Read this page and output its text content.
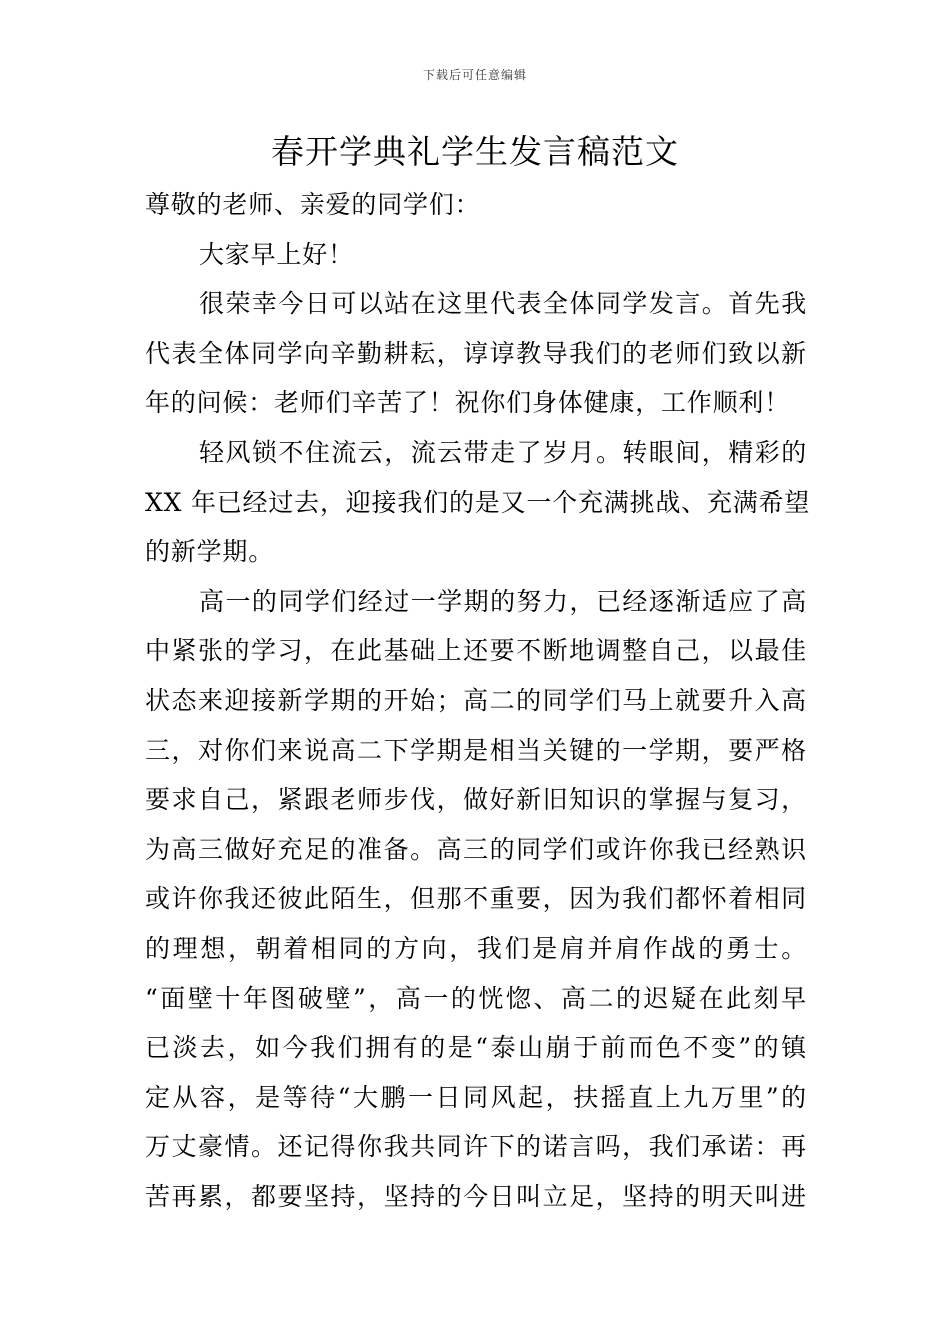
下载后可任意编辑
春开学典礼学生发言稿范文
尊敬的老师、亲爱的同学们：
大家早上好！
很荣幸今日可以站在这里代表全体同学发言。首先我
代表全体同学向辛勤耕耘，谆谆教导我们的老师们致以新
年的问候：老师们辛苦了！祝你们身体健康，工作顺利！
轻风锁不住流云，流云带走了岁月。转眼间，精彩的
XX 年已经过去，迎接我们的是又一个充满挑战、充满希望
的新学期。
高一的同学们经过一学期的努力，已经逐渐适应了高
中紧张的学习，在此基础上还要不断地调整自己，以最佳
状态来迎接新学期的开始；高二的同学们马上就要升入高
三，对你们来说高二下学期是相当关键的一学期，要严格
要求自己，紧跟老师步伐，做好新旧知识的掌握与复习，
为高三做好充足的准备。高三的同学们或许你我已经熟识
或许你我还彼此陌生，但那不重要，因为我们都怀着相同
的理想，朝着相同的方向，我们是肩并肩作战的勇士。
“面壁十年图破壁”，高一的恍惚、高二的迟疑在此刻早
已淡去，如今我们拥有的是“泰山崩于前而色不变”的镇
定从容，是等待“大鹏一日同风起，扶摇直上九万里”的
万丈豪情。还记得你我共同许下的诺言吗，我们承诺：再
苦再累，都要坚持，坚持的今日叫立足，坚持的明天叫进
